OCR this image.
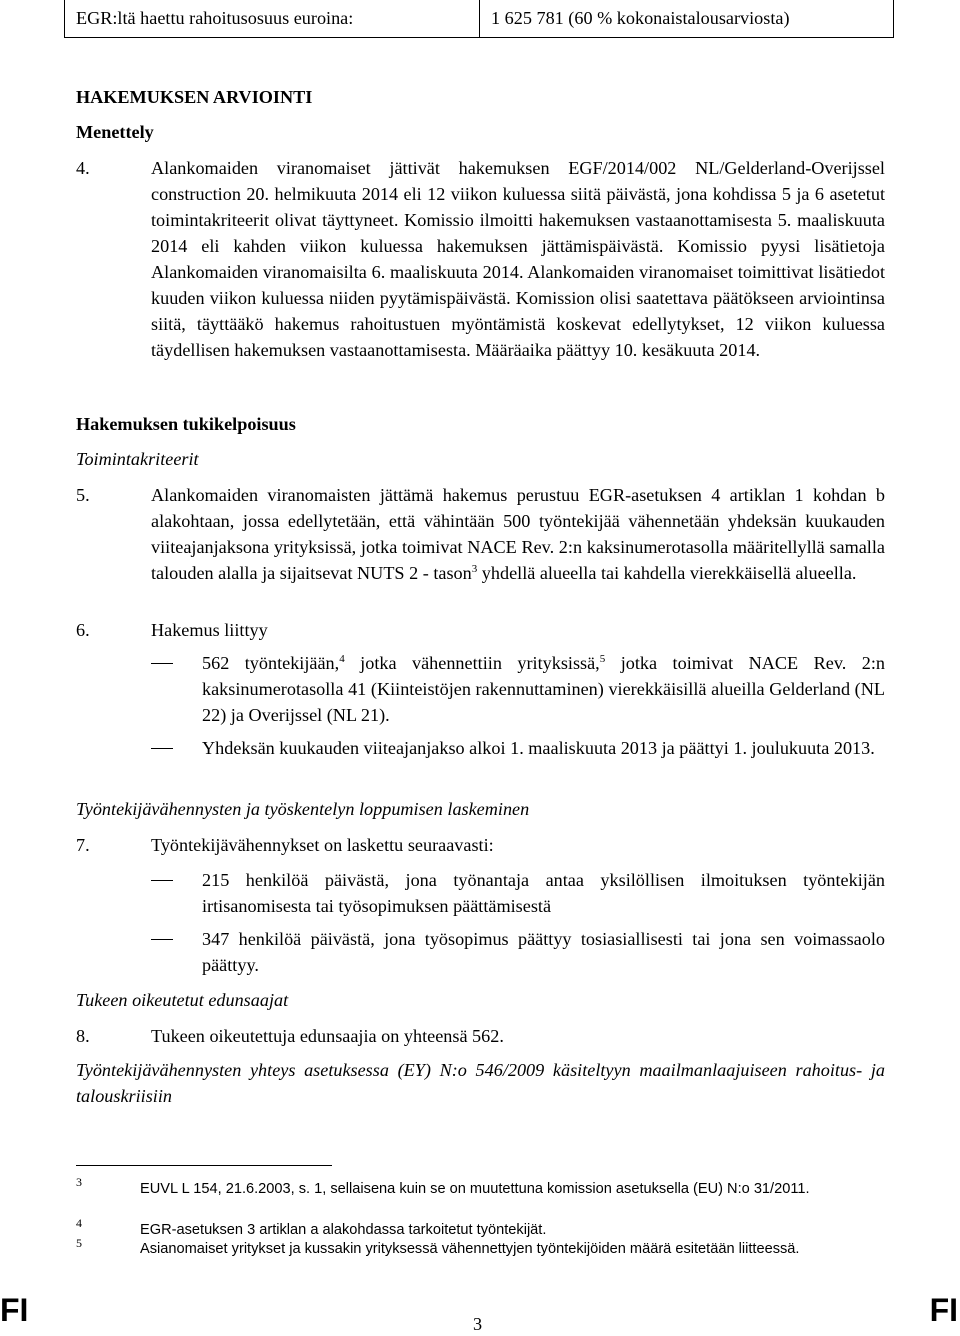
EGR:ltä haettu rahoitusosuus euroina:	1 625 781 (60 % kokonaistalousarviosta)
HAKEMUKSEN ARVIOINTI
Menettely
4.	Alankomaiden viranomaiset jättivät hakemuksen EGF/2014/002 NL/Gelderland-Overijssel construction 20. helmikuuta 2014 eli 12 viikon kuluessa siitä päivästä, jona kohdissa 5 ja 6 asetetut toimintakriteerit olivat täyttyneet. Komissio ilmoitti hakemuksen vastaanottamisesta 5. maaliskuuta 2014 eli kahden viikon kuluessa hakemuksen jättämispäivästä. Komissio pyysi lisätietoja Alankomaiden viranomaisilta 6. maaliskuuta 2014. Alankomaiden viranomaiset toimittivat lisätiedot kuuden viikon kuluessa niiden pyytämispäivästä. Komission olisi saatettava päätökseen arviointinsa siitä, täyttääkö hakemus rahoitustuen myöntämistä koskevat edellytykset, 12 viikon kuluessa täydellisen hakemuksen vastaanottamisesta. Määräaika päättyy 10. kesäkuuta 2014.
Hakemuksen tukikelpoisuus
Toimintakriteerit
5.	Alankomaiden viranomaisten jättämä hakemus perustuu EGR-asetuksen 4 artiklan 1 kohdan b alakohtaan, jossa edellytetään, että vähintään 500 työntekijää vähennetään yhdeksän kuukauden viiteajanjaksona yrityksissä, jotka toimivat NACE Rev. 2:n kaksinumerotasolla määritellyllä samalla talouden alalla ja sijaitsevat NUTS 2 - tason$^3$ yhdellä alueella tai kahdella vierekkäisellä alueella.
6.	Hakemus liittyy
562 työntekijään,$^4$ jotka vähennettiin yrityksissä,$^5$ jotka toimivat NACE Rev. 2:n kaksinumerotasolla 41 (Kiinteistöjen rakennuttaminen) vierekkäisillä alueilla Gelderland (NL 22) ja Overijssel (NL 21).
Yhdeksän kuukauden viiteajanjakso alkoi 1. maaliskuuta 2013 ja päättyi 1. joulukuuta 2013.
Työntekijävähennysten ja työskentelyn loppumisen laskeminen
7.	Työntekijävähennykset on laskettu seuraavasti:
215 henkilöä päivästä, jona työnantaja antaa yksilöllisen ilmoituksen työntekijän irtisanomisesta tai työsopimuksen päättämisestä
347 henkilöä päivästä, jona työsopimus päättyy tosiasiallisesti tai jona sen voimassaolo päättyy.
Tukeen oikeutetut edunsaajat
8.	Tukeen oikeutettuja edunsaajia on yhteensä 562.
Työntekijävähennysten yhteys asetuksessa (EY) N:o 546/2009 käsiteltyyn maailmanlaajuiseen rahoitus- ja talouskriisiin
3	EUVL L 154, 21.6.2003, s. 1, sellaisena kuin se on muutettuna komission asetuksella (EU) N:o 31/2011.
4	EGR-asetuksen 3 artiklan a alakohdassa tarkoitetut työntekijät.
5	Asianomaiset yritykset ja kussakin yrityksessä vähennettyjen työntekijöiden määrä esitetään liitteessä.
FI	3	FI
